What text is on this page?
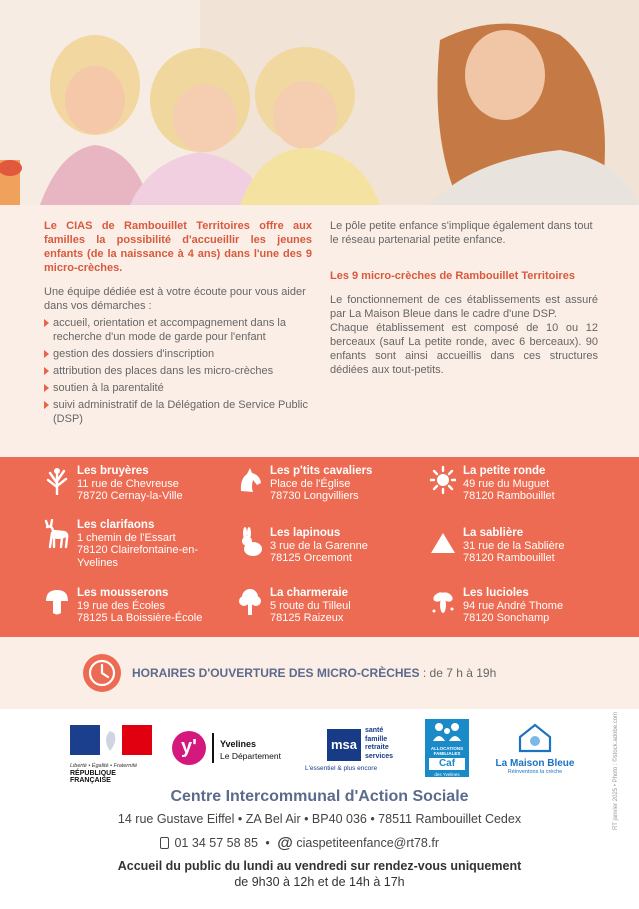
Le CIAS de Rambouillet Territoires offre aux familles la possibilité d'accueillir les jeunes enfants (de la naissance à 4 ans) dans l'une des 9 micro-crèches.
Une équipe dédiée est à votre écoute pour vous aider dans vos démarches :
accueil, orientation et accompagnement dans la recherche d'un mode de garde pour l'enfant
gestion des dossiers d'inscription
attribution des places dans les micro-crèches
soutien à la parentalité
suivi administratif de la Délégation de Service Public (DSP)
Le pôle petite enfance s'implique également dans tout le réseau partenarial petite enfance.
Les 9 micro-crèches de Rambouillet Territoires
Le fonctionnement de ces établissements est assuré par La Maison Bleue dans le cadre d'une DSP.
Chaque établissement est composé de 10 ou 12 berceaux (sauf La petite ronde, avec 6 berceaux). 90 enfants sont ainsi accueillis dans ces structures dédiées aux tout-petits.
Les bruyères
11 rue de Chevreuse
78720 Cernay-la-Ville
Les p'tits cavaliers
Place de l'Église
78730 Longvilliers
La petite ronde
49 rue du Muguet
78120 Rambouillet
Les clarifaons
1 chemin de l'Essart
78120 Clairefontaine-en-
Yvelines
Les lapinous
3 rue de la Garenne
78125 Orcemont
La sablière
31 rue de la Sablière
78120 Rambouillet
Les mousserons
19 rue des Écoles
78125 La Boissière-École
La charmeraie
5 route du Tilleul
78125 Raizeux
Les lucioles
94 rue André Thome
78120 Sonchamp
HORAIRES D'OUVERTURE DES MICRO-CRÈCHES : de 7 h à 19h
Liberté • Égalité • Fraternité
RÉPUBLIQUE FRANÇAISE
y'	Yvelines
Le Département
msa
santé
famille
retraite
services
L'essentiel & plus encore
ALLOCATIONS FAMILIALES
Caf
des Yvelines
La Maison Bleue
Réinventons la crèche
Centre Intercommunal d'Action Sociale
14 rue Gustave Eiffel • ZA Bel Air • BP40 036 • 78511 Rambouillet Cedex
01 34 57 58 85 • @ ciaspetiteenfance@rt78.fr
Accueil du public du lundi au vendredi sur rendez-vous uniquement
de 9h30 à 12h et de 14h à 17h
RT janvier 2025 • Photo : ©stock.adobe.com
